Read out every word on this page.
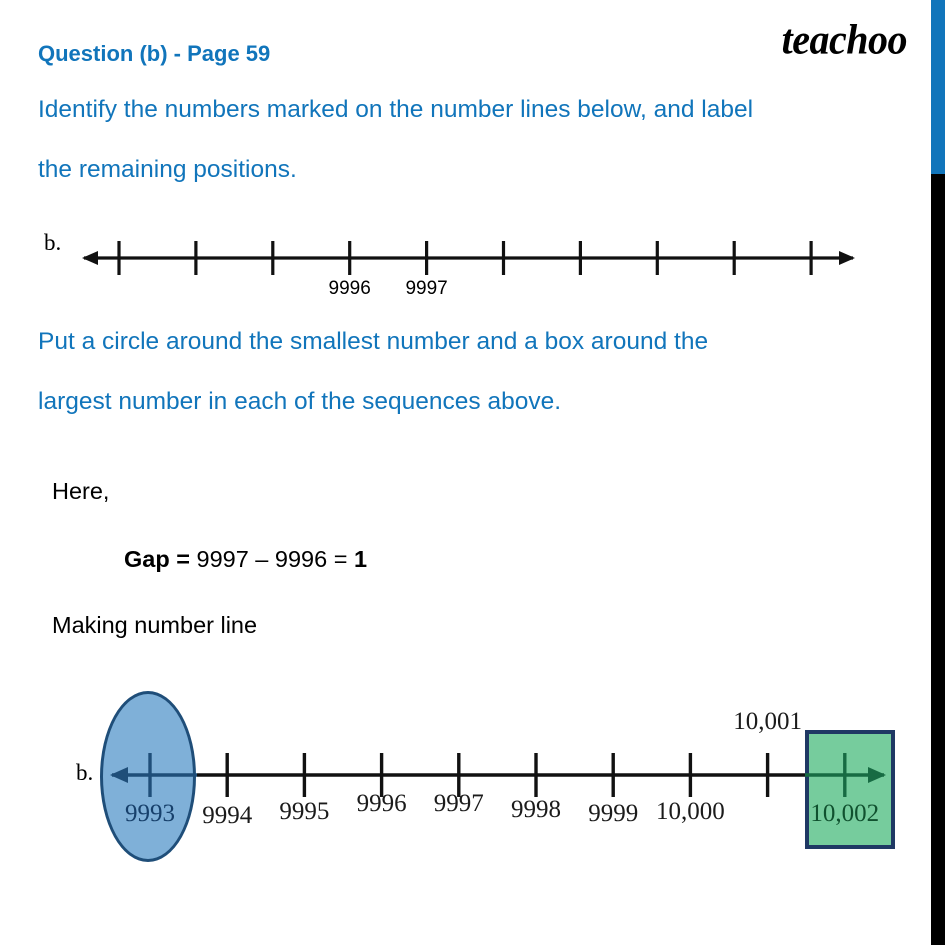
teachoo
Question (b) - Page 59
Identify the numbers marked on the number lines below, and label
the remaining positions.
b.
9996 9997
Put a circle around the smallest number and a box around the
largest number in each of the sequences above.
Here,
Gap = 9997 – 9996 = 1
Making number line
b.
9993 9994 9995 9996 9997 9998 9999 10,000
10,001
10,002
